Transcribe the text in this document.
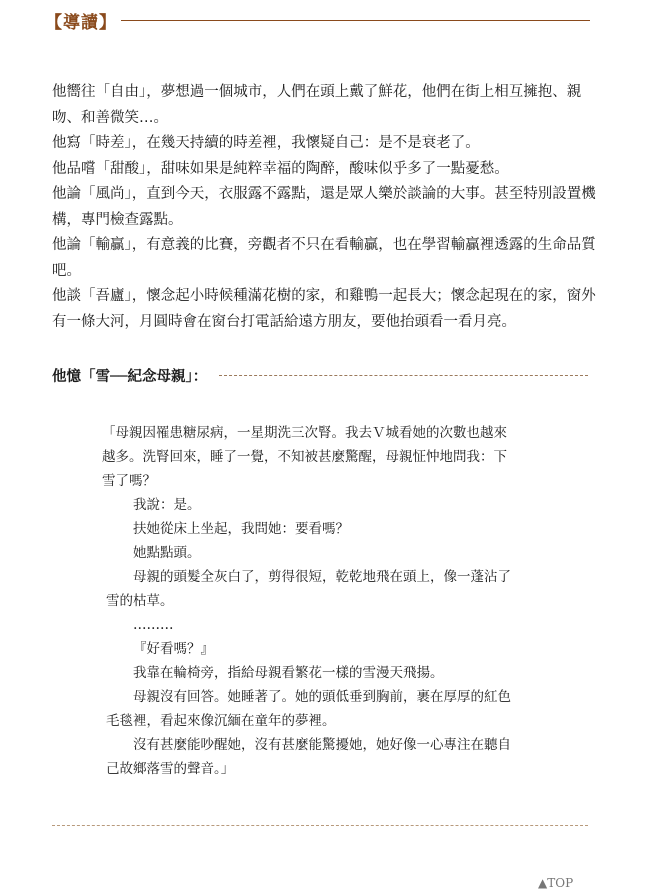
【導讀】

他嚮往「自由」，夢想過一個城市，人們在頭上戴了鮮花，他們在街上相互擁抱、親吻、和善微笑…。

他寫「時差」，在幾天持續的時差裡，我懷疑自己：是不是衰老了。

他品嚐「甜酸」，甜味如果是純粹幸福的陶醉，酸味似乎多了一點憂愁。

他論「風尚」，直到今天，衣服露不露點，還是眾人樂於談論的大事。甚至特別設置機構，專門檢查露點。

他論「輸贏」，有意義的比賽，旁觀者不只在看輸贏，也在學習輸贏裡透露的生命品質吧。

他談「吾廬」，懷念起小時候種滿花樹的家，和雞鴨一起長大；懷念起現在的家，窗外有一條大河，月圓時會在窗台打電話給遠方朋友，要他抬頭看一看月亮。

他憶「雪──紀念母親」：

「母親因罹患糖尿病，一星期洗三次腎。我去Ｖ城看她的次數也越來越多。洗腎回來，睡了一覺，不知被甚麼驚醒，母親怔忡地問我：下雪了嗎？

我說：是。

扶她從床上坐起，我問她：要看嗎？

她點點頭。

母親的頭髮全灰白了，剪得很短，乾乾地飛在頭上，像一蓬沾了雪的枯草。

………

『好看嗎？』

我靠在輪椅旁，指給母親看繁花一樣的雪漫天飛揚。

母親沒有回答。她睡著了。她的頭低垂到胸前，裹在厚厚的紅色毛毯裡，看起來像沉緬在童年的夢裡。

沒有甚麼能吵醒她，沒有甚麼能驚擾她，她好像一心專注在聽自己故鄉落雪的聲音。」

▲TOP
